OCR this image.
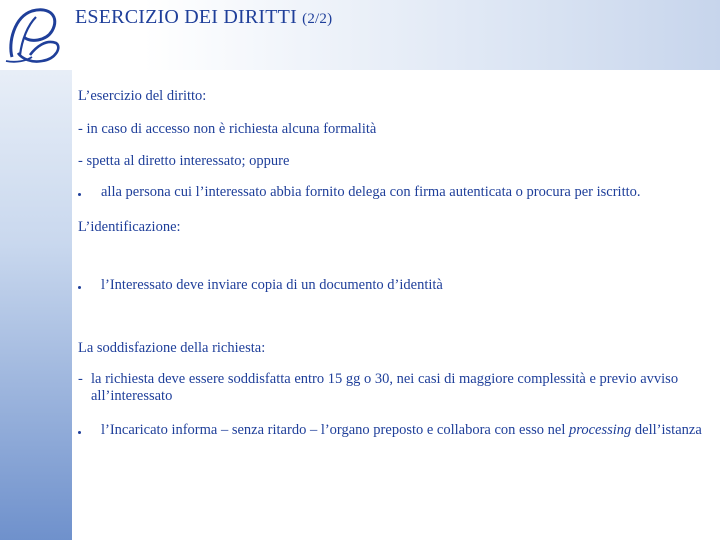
ESERCIZIO DEI DIRITTI (2/2)
L’esercizio del diritto:
- in caso di accesso non è richiesta alcuna formalità
- spetta al diretto interessato; oppure
alla persona cui l’interessato abbia fornito delega con firma autenticata o procura per iscritto.
L’identificazione:
l’Interessato deve inviare copia di un documento d’identità
La soddisfazione della richiesta:
- la richiesta deve essere soddisfatta entro 15 gg o 30, nei casi di maggiore complessità e previo avviso all’interessato
l’Incaricato informa – senza ritardo – l’organo preposto e collabora con esso nel processing dell’istanza
